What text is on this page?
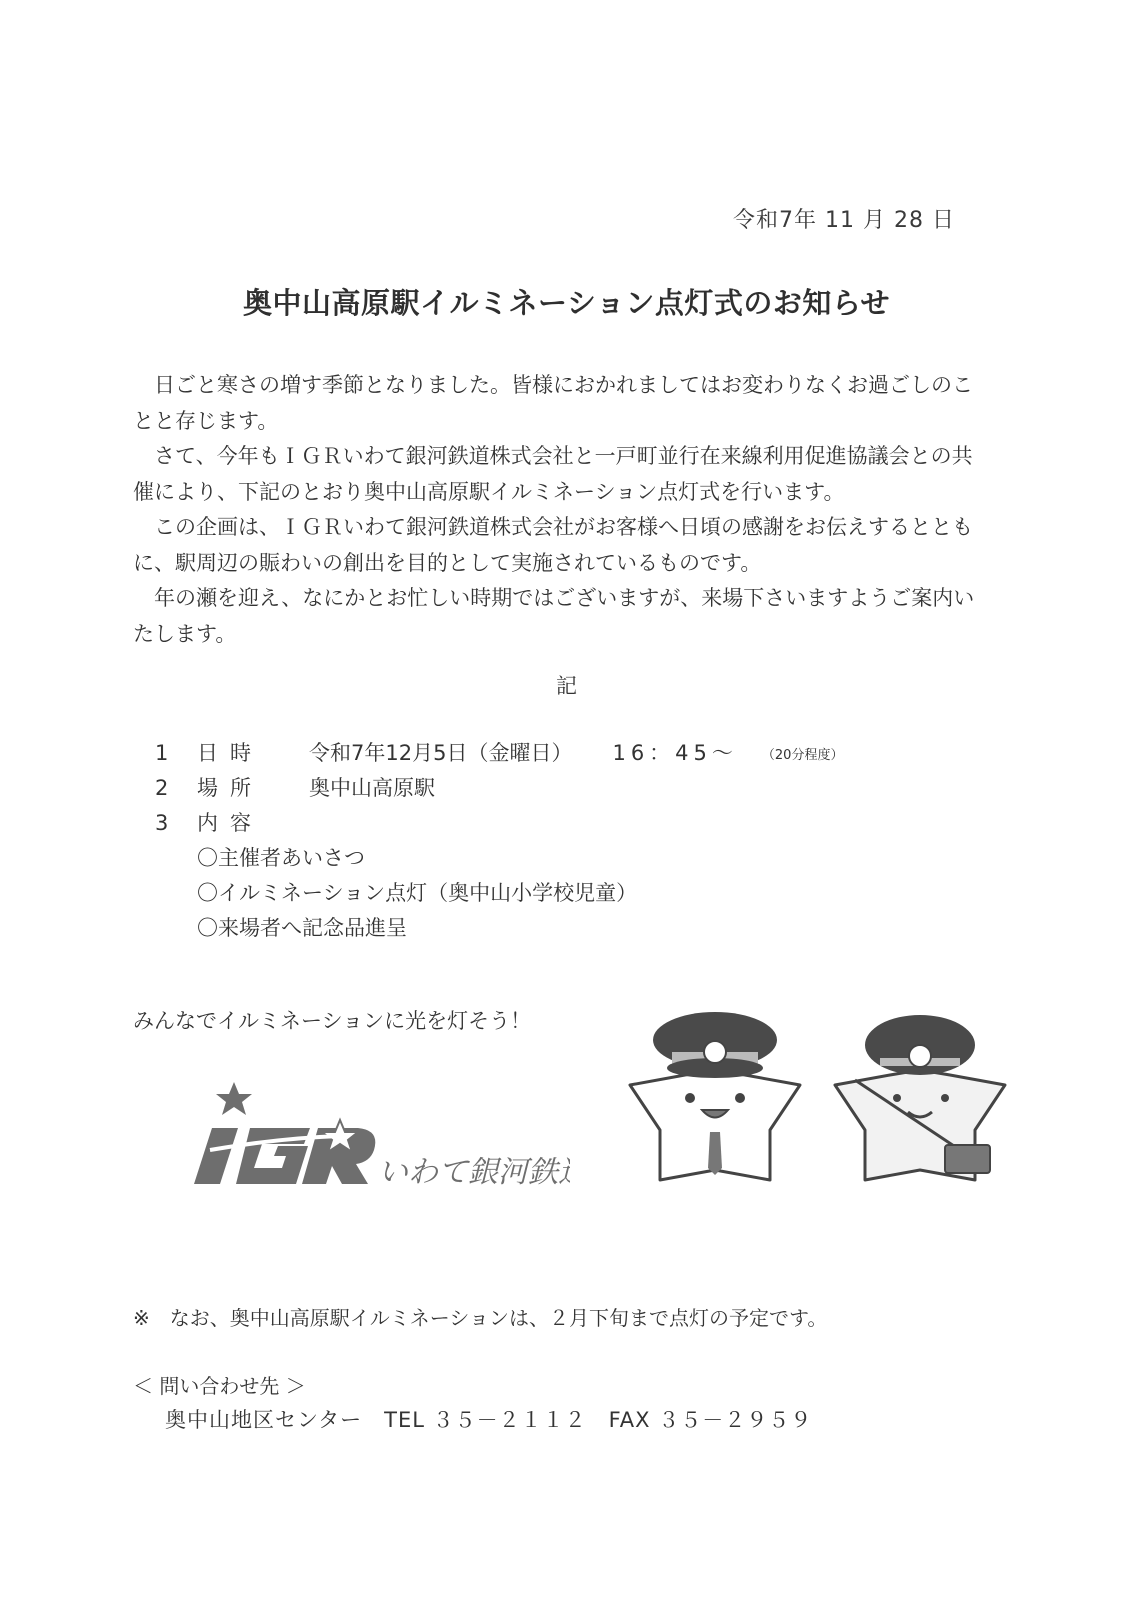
令和7年 11 月 28 日
奥中山高原駅イルミネーション点灯式のお知らせ

日ごと寒さの増す季節となりました。皆様におかれましてはお変わりなくお過ごしのことと存じます。

さて、今年もＩＧＲいわて銀河鉄道株式会社と一戸町並行在来線利用促進協議会との共催により、下記のとおり奥中山高原駅イルミネーション点灯式を行います。

この企画は、ＩＧＲいわて銀河鉄道株式会社がお客様へ日頃の感謝をお伝えするとともに、駅周辺の賑わいの創出を目的として実施されているものです。

年の瀬を迎え、なにかとお忙しい時期ではございますが、来場下さいますようご案内いたします。

記
1	日時	令和7年12月5日（金曜日） 16：45～ （20分程度）
2	場所	奥中山高原駅
3	内容
〇主催者あいさつ
〇イルミネーション点灯（奥中山小学校児童）
〇来場者へ記念品進呈
みんなでイルミネーションに光を灯そう！
いわて銀河鉄道
※　なお、奥中山高原駅イルミネーションは、２月下旬まで点灯の予定です。
＜ 問い合わせ先 ＞
奥中山地区センター TEL ３５－２１１２ FAX ３５－２９５９
